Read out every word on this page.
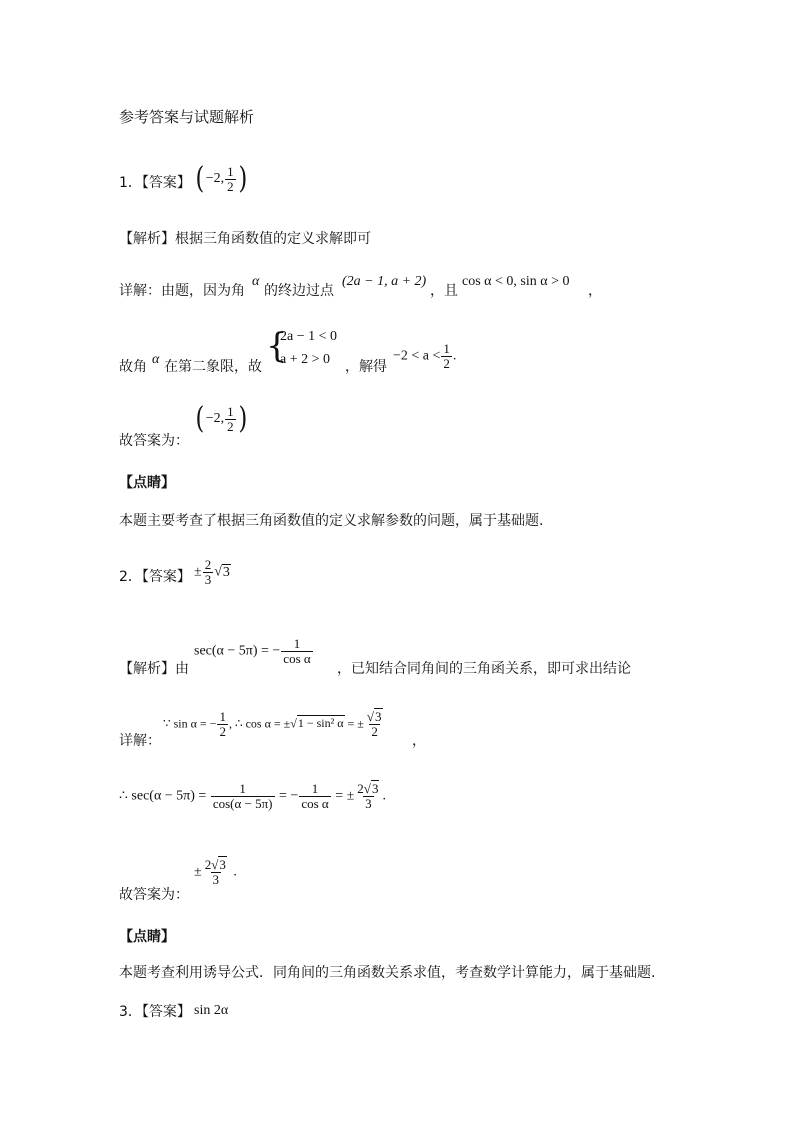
参考答案与试题解析
1．【答案】 (−2, $\frac{1}{2}$ )
【解析】根据三角函数值的定义求解即可
详解：由题，因为角
α
的终边过点
(2a − 1, a + 2)
，且
cos α < 0, sin α > 0
，
故角 α 在第二象限，故
{
2a − 1 < 0
a + 2 > 0 ，解得
$-2 < a < \frac{1}{2}$ .
故答案为：
(−2, $\frac{1}{2}$ )
【点睛】
本题主要考查了根据三角函数值的定义求解参数的问题，属于基础题.
2．【答案】 ± $\frac{2}{3} √3$
【解析】由
sec(α − 5π) = − $\frac{1}{\text{cos α}}$
，已知结合同角间的三角函关系，即可求出结论
详解：
∵ sin α = − $\frac{1}{2}$ , ∴ cos α = ±√1 − sin² α = ± $\frac{√3}{2}$
，
∴ $\sec(\alpha - 5\pi) = \frac{1}{\cos(\alpha - 5\pi)}$ = − $\frac{1}{\text{cos α}}$ = ± $\frac{2√3}{3}$ .
故答案为：
± $\frac{2√3}{3}$ .
【点睛】
本题考查利用诱导公式．同角间的三角函数关系求值，考查数学计算能力，属于基础题.
3．【答案】 sin 2α
